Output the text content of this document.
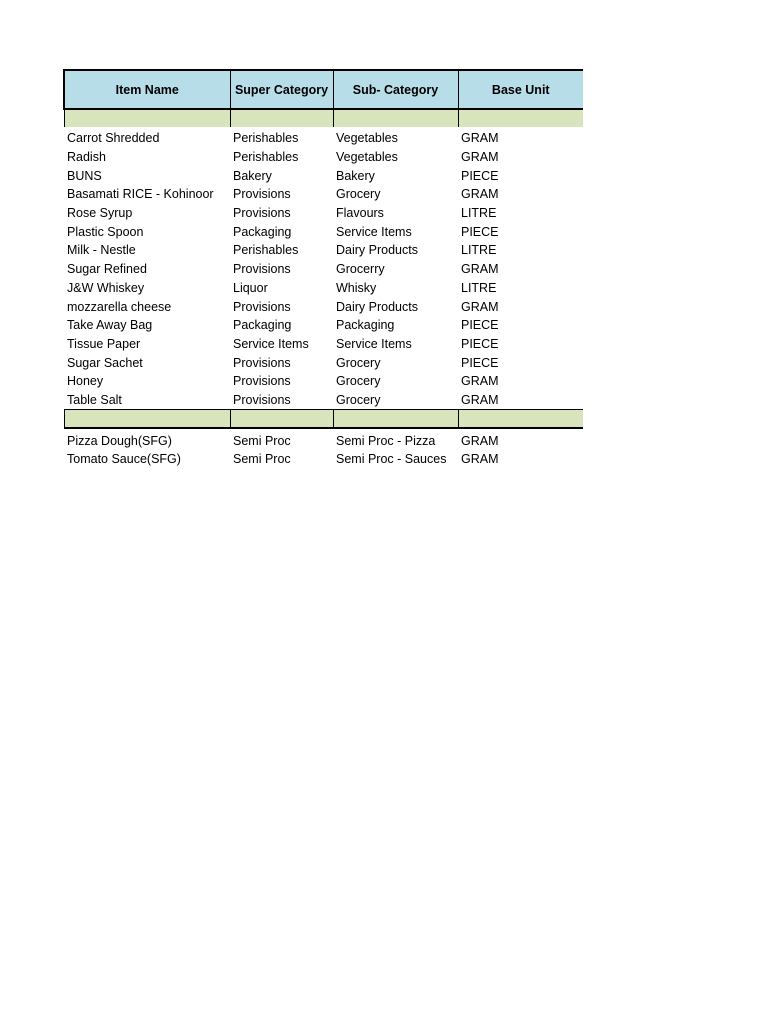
Item Name	Super Category	Sub- Category	Base Unit

Carrot Shredded	Perishables	Vegetables	GRAM
Radish	Perishables	Vegetables	GRAM
BUNS	Bakery	Bakery	PIECE
Basamati RICE - Kohinoor	Provisions	Grocery	GRAM
Rose Syrup	Provisions	Flavours	LITRE
Plastic Spoon	Packaging	Service Items	PIECE
Milk - Nestle	Perishables	Dairy Products	LITRE
Sugar Refined	Provisions	Grocerry	GRAM
J&W Whiskey	Liquor	Whisky	LITRE
mozzarella cheese	Provisions	Dairy Products	GRAM
Take Away Bag	Packaging	Packaging	PIECE
Tissue Paper	Service Items	Service Items	PIECE
Sugar Sachet	Provisions	Grocery	PIECE
Honey	Provisions	Grocery	GRAM
Table Salt	Provisions	Grocery	GRAM

Pizza Dough(SFG)	Semi Proc	Semi Proc - Pizza	GRAM
Tomato Sauce(SFG)	Semi Proc	Semi Proc - Sauces	GRAM
